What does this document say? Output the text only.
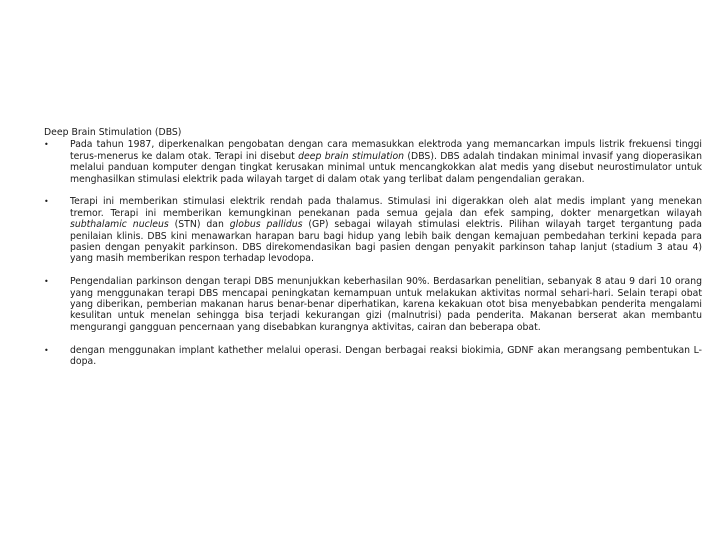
Deep Brain Stimulation (DBS)
• Pada tahun 1987, diperkenalkan pengobatan dengan cara memasukkan elektroda yang memancarkan impuls listrik frekuensi tinggi terus-menerus ke dalam otak. Terapi ini disebut deep brain stimulation (DBS). DBS adalah tindakan minimal invasif yang dioperasikan melalui panduan komputer dengan tingkat kerusakan minimal untuk mencangkokkan alat medis yang disebut neurostimulator untuk menghasilkan stimulasi elektrik pada wilayah target di dalam otak yang terlibat dalam pengendalian gerakan.
• Terapi ini memberikan stimulasi elektrik rendah pada thalamus. Stimulasi ini digerakkan oleh alat medis implant yang menekan tremor. Terapi ini memberikan kemungkinan penekanan pada semua gejala dan efek samping, dokter menargetkan wilayah subthalamic nucleus (STN) dan globus pallidus (GP) sebagai wilayah stimulasi elektris. Pilihan wilayah target tergantung pada penilaian klinis. DBS kini menawarkan harapan baru bagi hidup yang lebih baik dengan kemajuan pembedahan terkini kepada para pasien dengan penyakit parkinson. DBS direkomendasikan bagi pasien dengan penyakit parkinson tahap lanjut (stadium 3 atau 4) yang masih memberikan respon terhadap levodopa.
• Pengendalian parkinson dengan terapi DBS menunjukkan keberhasilan 90%. Berdasarkan penelitian, sebanyak 8 atau 9 dari 10 orang yang menggunakan terapi DBS mencapai peningkatan kemampuan untuk melakukan aktivitas normal sehari-hari. Selain terapi obat yang diberikan, pemberian makanan harus benar-benar diperhatikan, karena kekakuan otot bisa menyebabkan penderita mengalami kesulitan untuk menelan sehingga bisa terjadi kekurangan gizi (malnutrisi) pada penderita. Makanan berserat akan membantu mengurangi gangguan pencernaan yang disebabkan kurangnya aktivitas, cairan dan beberapa obat.
• dengan menggunakan implant kathether melalui operasi. Dengan berbagai reaksi biokimia, GDNF akan merangsang pembentukan L-dopa.
